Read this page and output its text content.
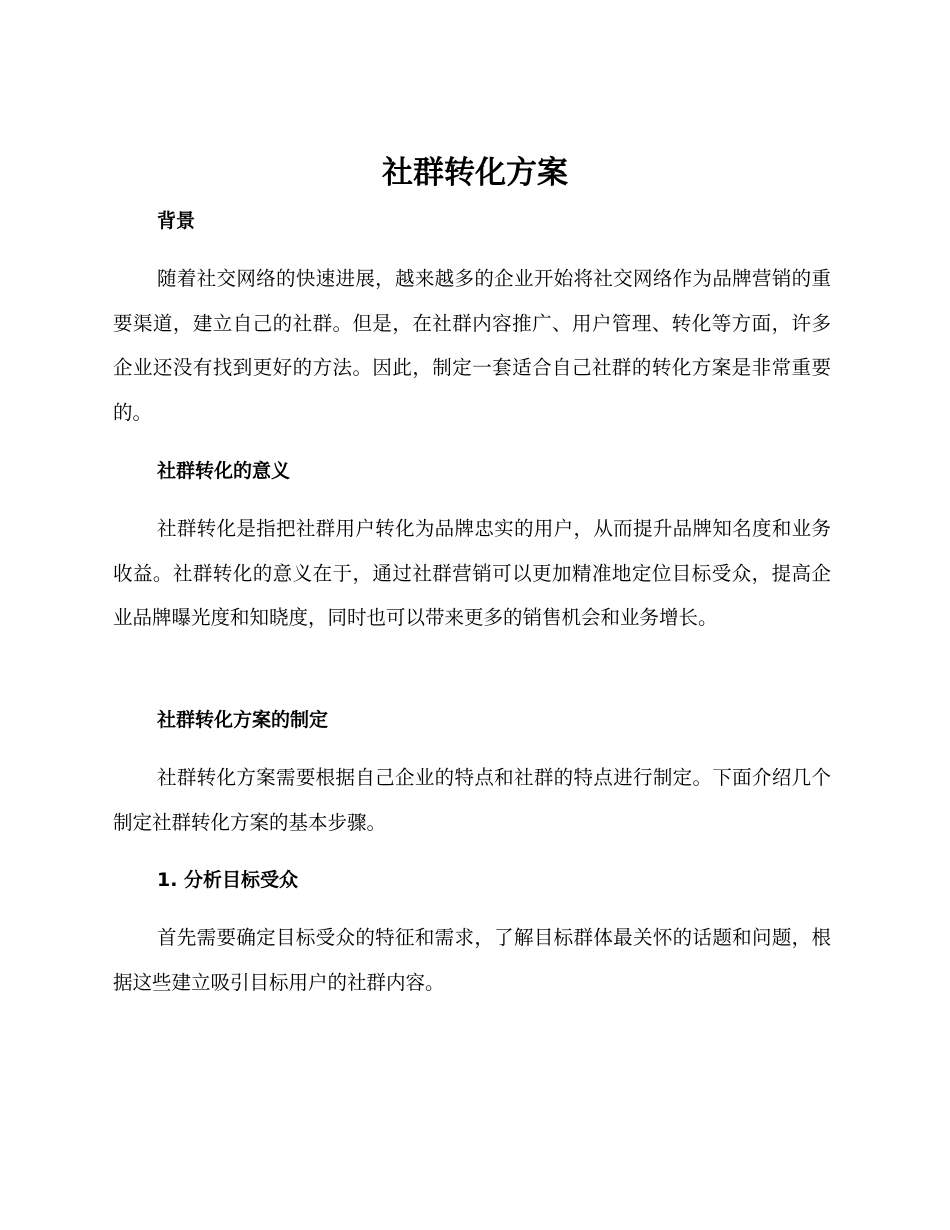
社群转化方案
背景

随着社交网络的快速进展，越来越多的企业开始将社交网络作为品牌营销的重要渠道，建立自己的社群。但是，在社群内容推广、用户管理、转化等方面，许多企业还没有找到更好的方法。因此，制定一套适合自己社群的转化方案是非常重要的。

社群转化的意义

社群转化是指把社群用户转化为品牌忠实的用户，从而提升品牌知名度和业务收益。社群转化的意义在于，通过社群营销可以更加精准地定位目标受众，提高企业品牌曝光度和知晓度，同时也可以带来更多的销售机会和业务增长。

社群转化方案的制定

社群转化方案需要根据自己企业的特点和社群的特点进行制定。下面介绍几个制定社群转化方案的基本步骤。

1. 分析目标受众

首先需要确定目标受众的特征和需求，了解目标群体最关怀的话题和问题，根据这些建立吸引目标用户的社群内容。
